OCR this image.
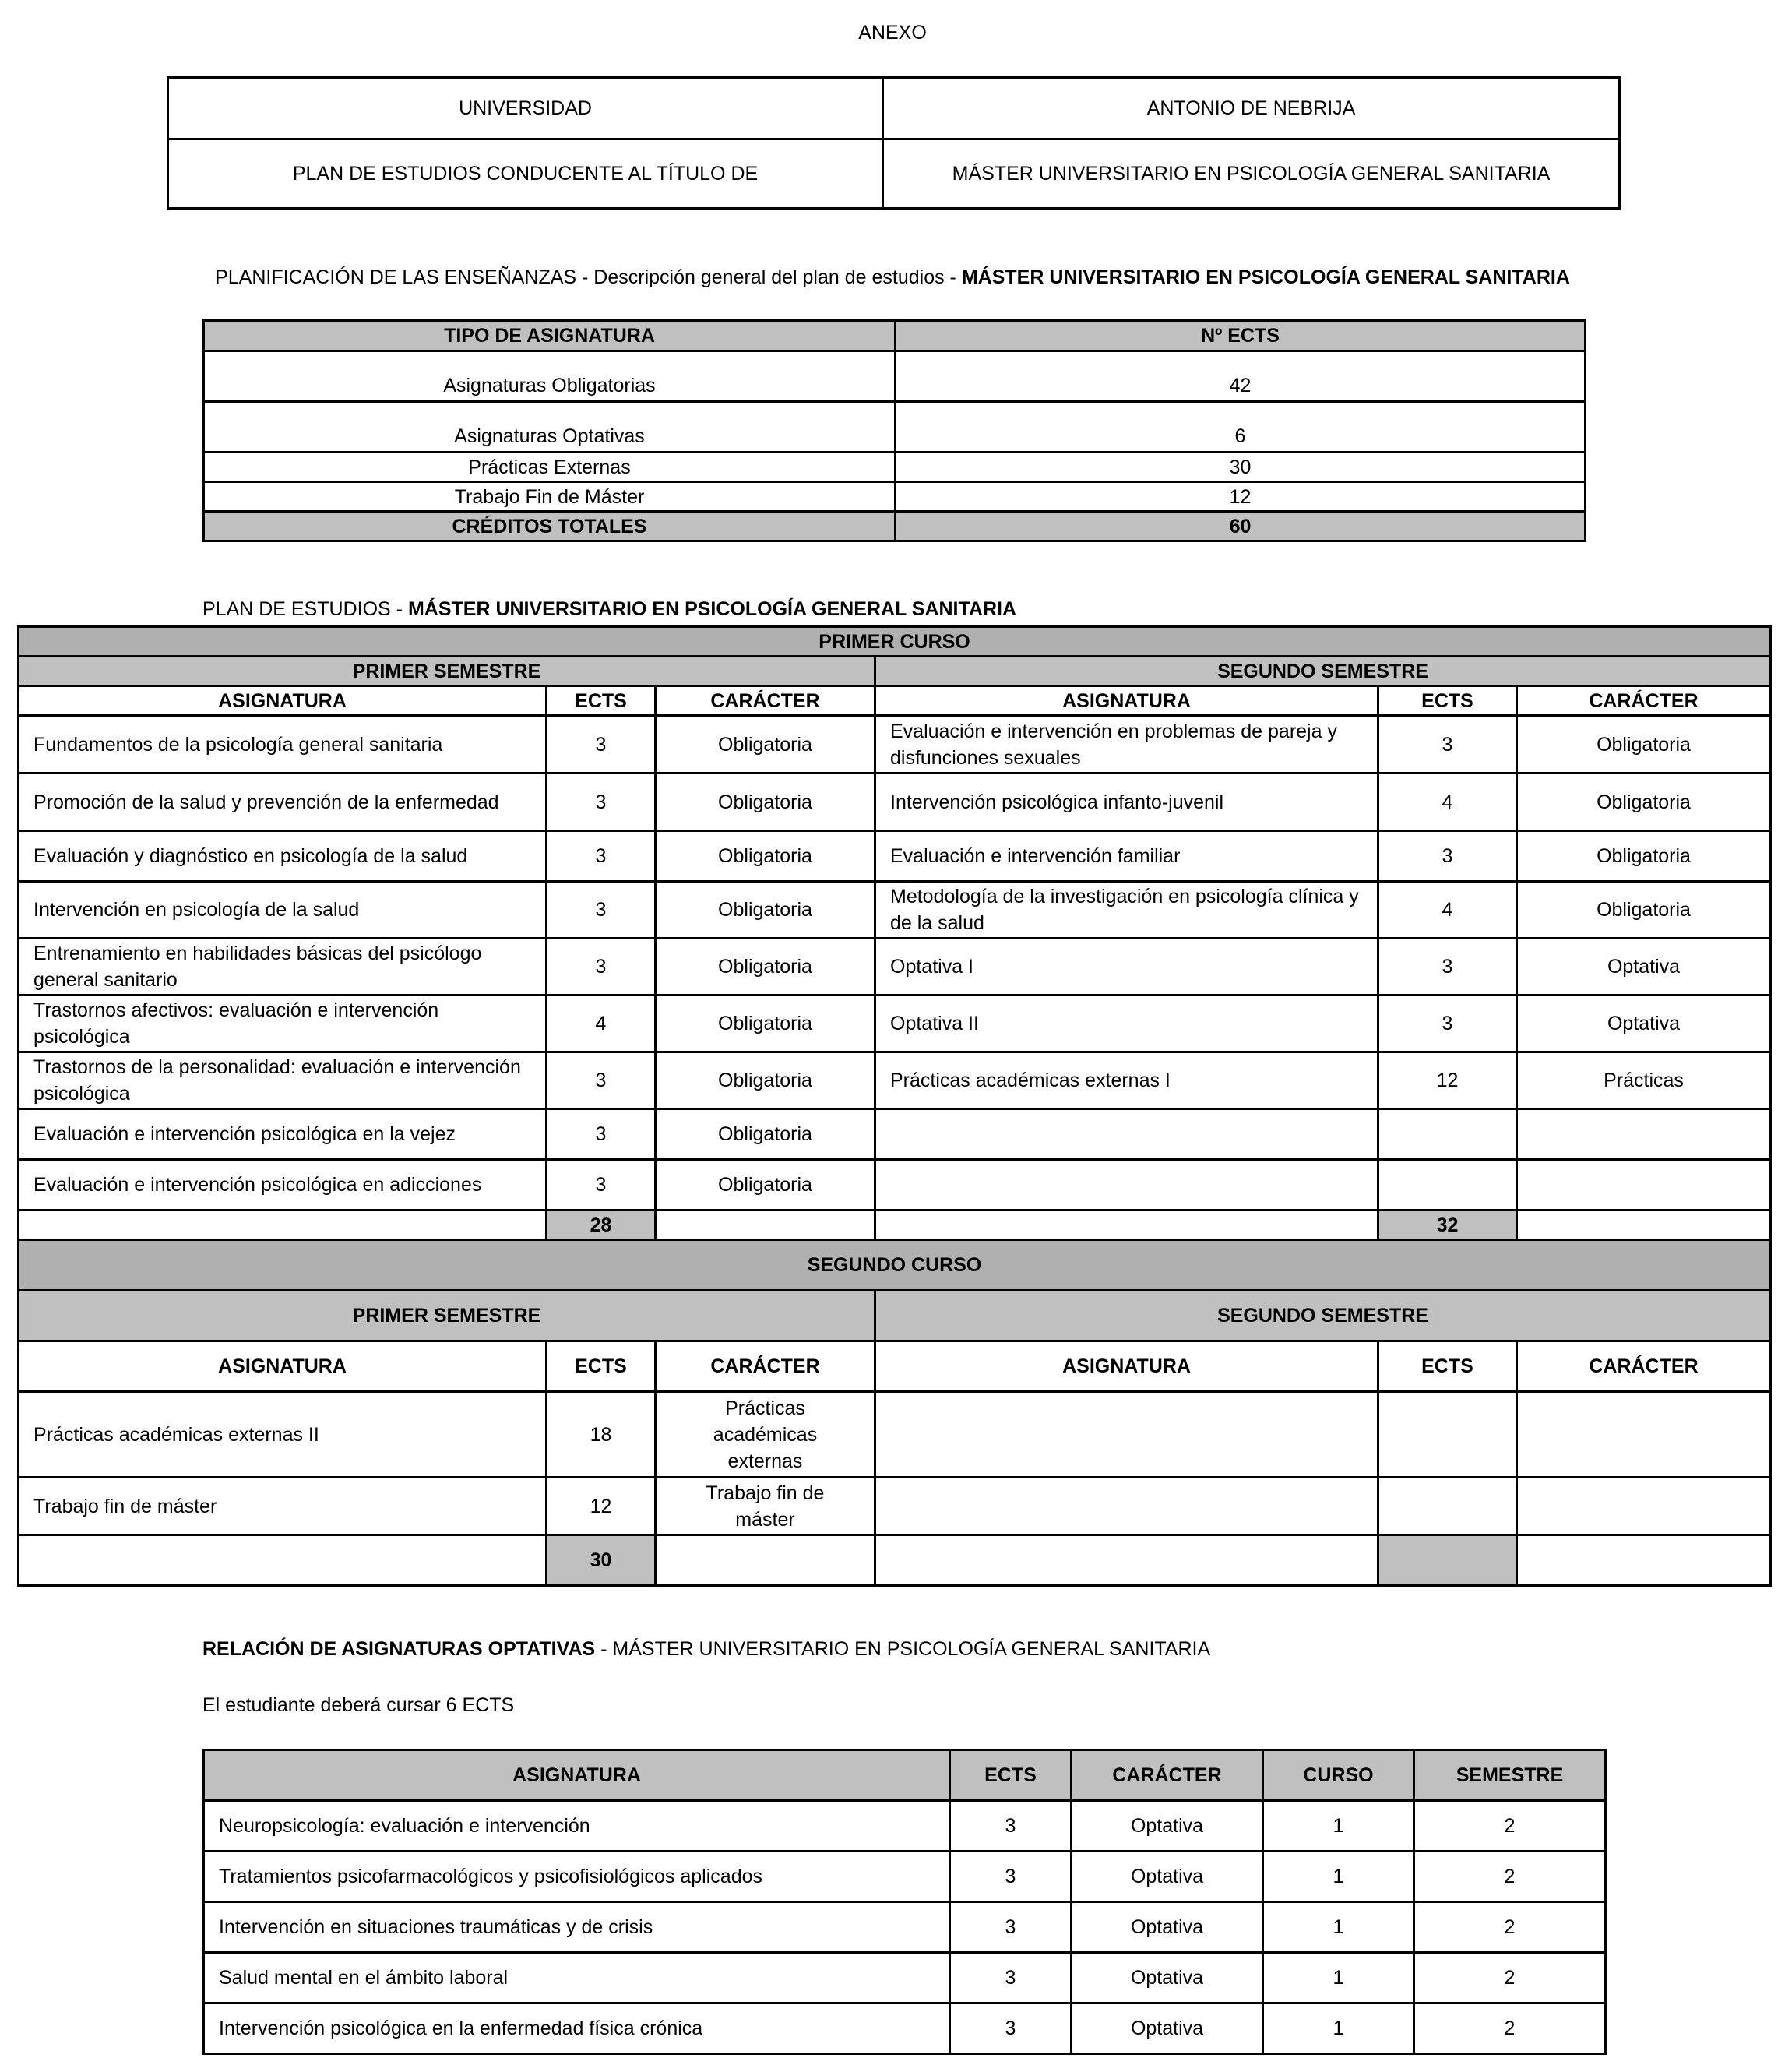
ANEXO
UNIVERSIDAD	ANTONIO DE NEBRIJA
PLAN DE ESTUDIOS CONDUCENTE AL TÍTULO DE	MÁSTER UNIVERSITARIO EN PSICOLOGÍA GENERAL SANITARIA
PLANIFICACIÓN DE LAS ENSEÑANZAS - Descripción general del plan de estudios - MÁSTER UNIVERSITARIO EN PSICOLOGÍA GENERAL SANITARIA
TIPO DE ASIGNATURA	Nº ECTS
Asignaturas Obligatorias	42
Asignaturas Optativas	6
Prácticas Externas	30
Trabajo Fin de Máster	12
CRÉDITOS TOTALES	60
PLAN DE ESTUDIOS - MÁSTER UNIVERSITARIO EN PSICOLOGÍA GENERAL SANITARIA
PRIMER CURSO					
PRIMER SEMESTRE			SEGUNDO SEMESTRE		
ASIGNATURA	ECTS	CARÁCTER	ASIGNATURA	ECTS	CARÁCTER
Fundamentos de la psicología general sanitaria	3	Obligatoria	Evaluación e intervención en problemas de pareja y disfunciones sexuales	3	Obligatoria
Promoción de la salud y prevención de la enfermedad	3	Obligatoria	Intervención psicológica infanto-juvenil	4	Obligatoria
Evaluación y diagnóstico en psicología de la salud	3	Obligatoria	Evaluación e intervención familiar	3	Obligatoria
Intervención en psicología de la salud	3	Obligatoria	Metodología de la investigación en psicología clínica y de la salud	4	Obligatoria
Entrenamiento en habilidades básicas del psicólogo general sanitario	3	Obligatoria	Optativa I	3	Optativa
Trastornos afectivos: evaluación e intervención psicológica	4	Obligatoria	Optativa II	3	Optativa
Trastornos de la personalidad: evaluación e intervención psicológica	3	Obligatoria	Prácticas académicas externas I	12	Prácticas
Evaluación e intervención psicológica en la vejez	3	Obligatoria			
Evaluación e intervención psicológica en adicciones	3	Obligatoria			
	28			32	
SEGUNDO CURSO					
PRIMER SEMESTRE			SEGUNDO SEMESTRE		
ASIGNATURA	ECTS	CARÁCTER	ASIGNATURA	ECTS	CARÁCTER
Prácticas académicas externas II	18	Prácticas académicas externas			
Trabajo fin de máster	12	Trabajo fin de máster			
	30				
RELACIÓN DE ASIGNATURAS OPTATIVAS - MÁSTER UNIVERSITARIO EN PSICOLOGÍA GENERAL SANITARIA
El estudiante deberá cursar 6 ECTS
ASIGNATURA	ECTS	CARÁCTER	CURSO	SEMESTRE
Neuropsicología: evaluación e intervención	3	Optativa	1	2
Tratamientos psicofarmacológicos y psicofisiológicos aplicados	3	Optativa	1	2
Intervención en situaciones traumáticas y de crisis	3	Optativa	1	2
Salud mental en el ámbito laboral	3	Optativa	1	2
Intervención psicológica en la enfermedad física crónica	3	Optativa	1	2
